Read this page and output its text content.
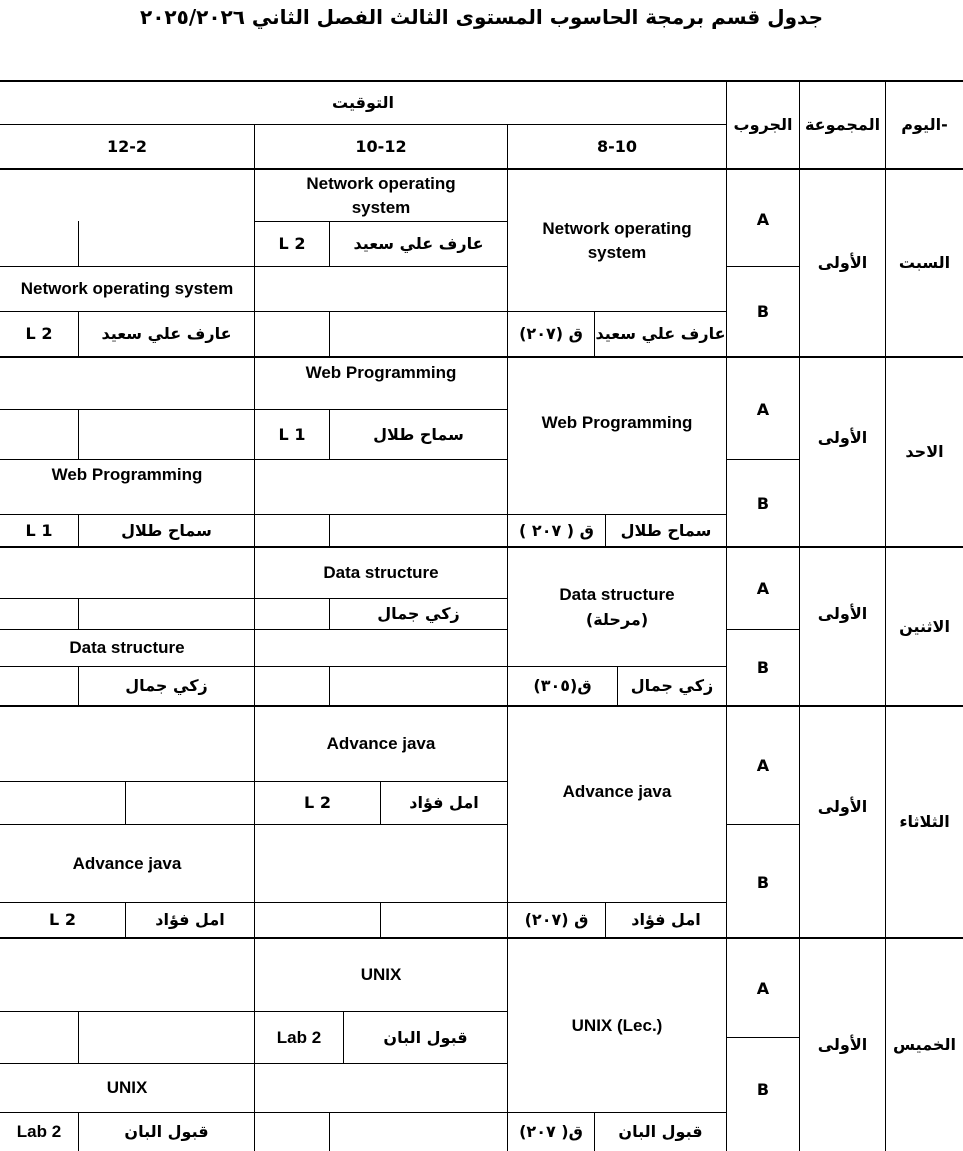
جدول قسم برمجة الحاسوب المستوى الثالث الفصل الثاني ٢٠٢٥/٢٠٢٦
-اليوم
المجموعة
الجروب
التوقيت
8-10
10-12
12-2
السبت
الأولى
A
B
Network operating system
عارف علي سعيد
ق (٢٠٧)
Network operating system
عارف علي سعيد
L 2
Network operating system
عارف علي سعيد
L 2
الاحد
الأولى
A
B
Web Programming
سماح طلال
ق ( ٢٠٧ )
Web Programming
سماح طلال
L 1
Web Programming
سماح طلال
L 1
الاثنين
الأولى
A
B
Data structure
(مرحلة)
زكي جمال
ق(٣٠٥)
Data structure
زكي جمال
Data structure
زكي جمال
الثلاثاء
الأولى
A
B
Advance java
امل فؤاد
ق (٢٠٧)
Advance java
امل فؤاد
L 2
Advance java
امل فؤاد
L 2
الخميس
الأولى
A
B
UNIX (Lec.)
قبول البان
ق( ٢٠٧)
UNIX
قبول البان
Lab 2
UNIX
قبول البان
Lab 2
